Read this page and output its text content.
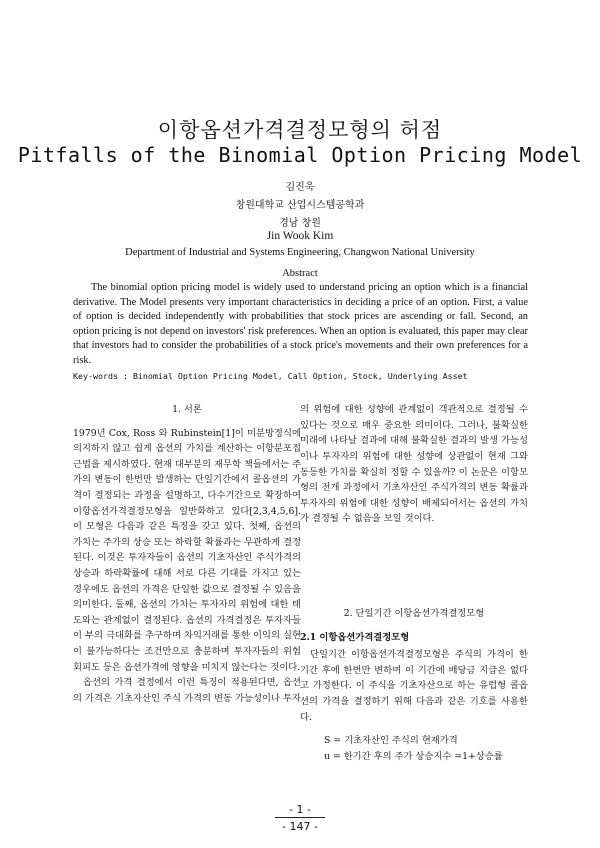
이항옵션가격결정모형의 허점
Pitfalls of the Binomial Option Pricing Model
김진욱
창원대학교 산업시스템공학과
경남 창원
Jin Wook Kim
Department of Industrial and Systems Engineering, Changwon National University
Abstract

The binomial option pricing model is widely used to understand pricing an option which is a financial derivative. The Model presents very important characteristics in deciding a price of an option. First, a value of option is decided independently with probabilities that stock prices are ascending or fall. Second, an option pricing is not depend on investors' risk preferences. When an option is evaluated, this paper may clear that investors had to consider the probabilities of a stock price's movements and their own preferences for a risk.

Key-words : Binomial Option Pricing Model, Call Option, Stock, Underlying Asset

1. 서론

1979년 Cox, Ross 와 Rubinstein[1]이 미분방정식에 의지하지 않고 쉽게 옵션의 가치를 계산하는 이항분포접근법을 제시하였다. 현재 대부분의 재무학 책들에서는 주가의 변동이 한번만 발생하는 단일기간에서 콜옵션의 가격이 결정되는 과정을 설명하고, 다수기간으로 확장하여 이항옵션가격결정모형을 일반화하고 있다[2,3,4,5,6]. 이 모형은 다음과 같은 특징을 갖고 있다. 첫째, 옵션의 가치는 주가의 상승 또는 하락할 확률과는 무관하게 결정된다. 이것은 투자자들이 옵션의 기초자산인 주식가격의 상승과 하락확률에 대해 서로 다른 기대를 가지고 있는 경우에도 옵션의 가격은 단일한 값으로 결정될 수 있음을 의미한다. 둘째, 옵션의 가치는 투자자의 위험에 대한 태도와는 관계없이 결정된다. 옵션의 가격결정은 투자자들이 부의 극대화를 추구하며 차익거래를 통한 이익의 실현이 불가능하다는 조건만으로 충분하며 투자자들의 위험회피도 등은 옵션가격에 영향을 미치지 않는다는 것이다.

옵션의 가격 결정에서 이런 특징이 적용된다면, 옵션의 가격은 기초자산인 주식 가격의 변동 가능성이나 투자

의 위험에 대한 성향에 관계없이 객관적으로 결정될 수 있다는 것으로 매우 중요한 의미이다. 그러나, 불확실한 미래에 나타날 결과에 대해 불확실한 결과의 발생 가능성이나 투자자의 위험에 대한 성향에 상관없이 현재 그와 동등한 가치를 확실히 정할 수 있을까? 이 논문은 이항모형의 전개 과정에서 기초자산인 주식가격의 변동 확률과 투자자의 위험에 대한 성향이 배제되어서는 옵션의 가치가 결정될 수 없음을 보일 것이다.

2. 단일기간 이항옵션가격결정모형

2.1 이항옵션가격결정모형

단일기간 이항옵션가격결정모형은 주식의 가격이 한기간 후에 한번만 변하며 이 기간에 배당금 지급은 없다고 가정한다. 이 주식을 기초자산으로 하는 유럽형 콜옵션의 가격을 결정하기 위해 다음과 같은 기호를 사용한다.

S = 기초자산인 주식의 현재가격

u = 한기간 후의 주가 상승지수 =1+상승률

- 1 -
- 147 -
